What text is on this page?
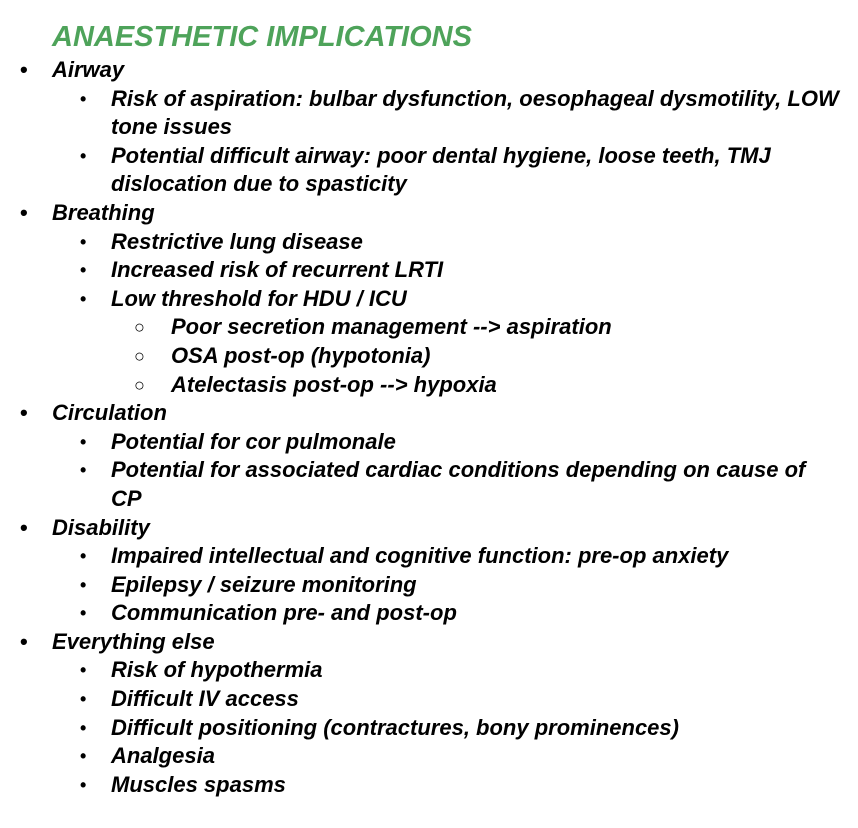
ANAESTHETIC IMPLICATIONS
• Airway
• Risk of aspiration: bulbar dysfunction, oesophageal dysmotility, LOW tone issues
• Potential difficult airway: poor dental hygiene, loose teeth, TMJ dislocation due to spasticity
• Breathing
• Restrictive lung disease
• Increased risk of recurrent LRTI
• Low threshold for HDU / ICU
○ Poor secretion management --> aspiration
○ OSA post-op (hypotonia)
○ Atelectasis post-op --> hypoxia
• Circulation
• Potential for cor pulmonale
• Potential for associated cardiac conditions depending on cause of CP
• Disability
• Impaired intellectual and cognitive function: pre-op anxiety
• Epilepsy / seizure monitoring
• Communication pre- and post-op
• Everything else
• Risk of hypothermia
• Difficult IV access
• Difficult positioning (contractures, bony prominences)
• Analgesia
• Muscles spasms
